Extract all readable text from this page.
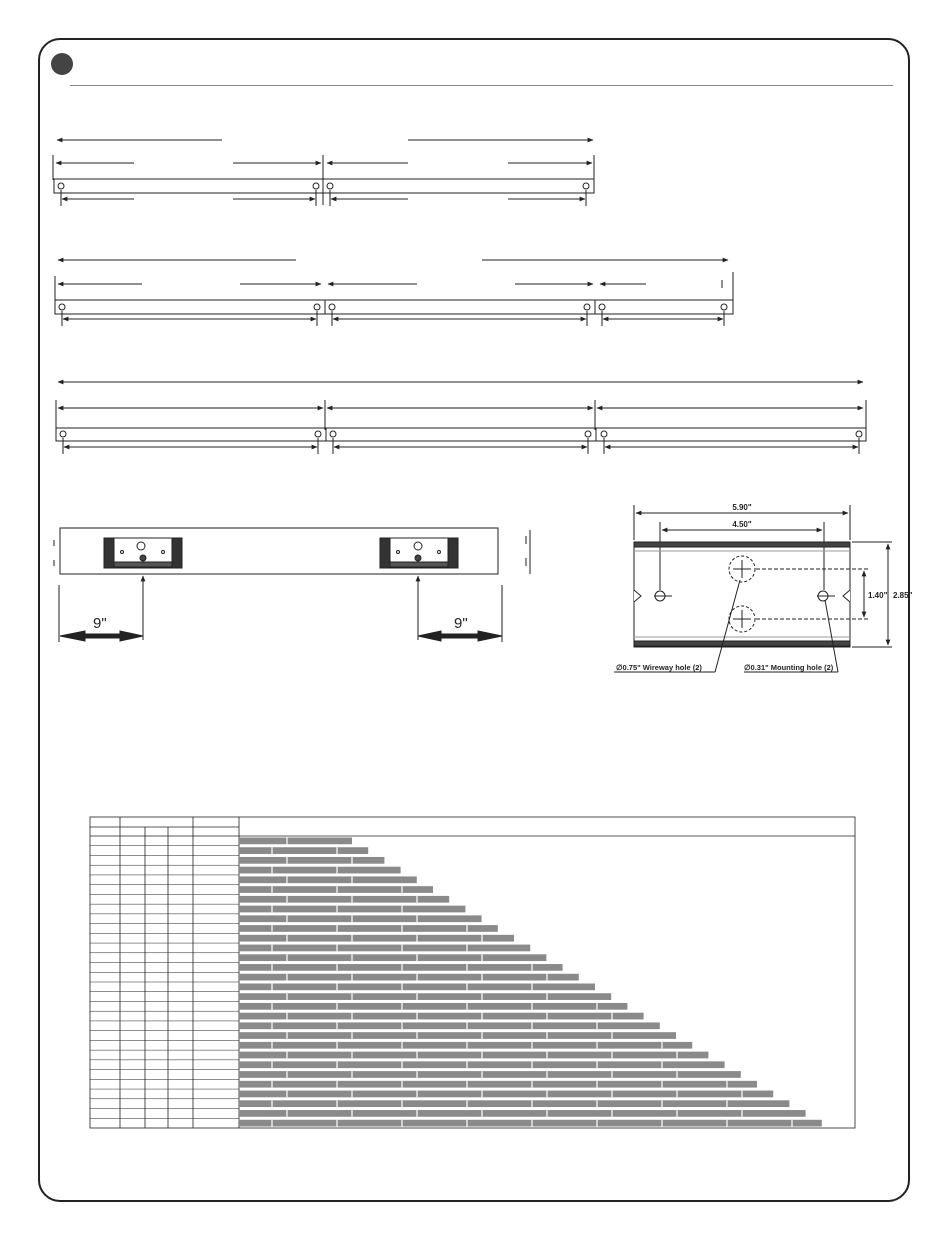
9"	9"
5.90"
4.50"
1.40" 2.85"
∅0.75" Wireway hole (2)	∅0.31" Mounting hole (2)
